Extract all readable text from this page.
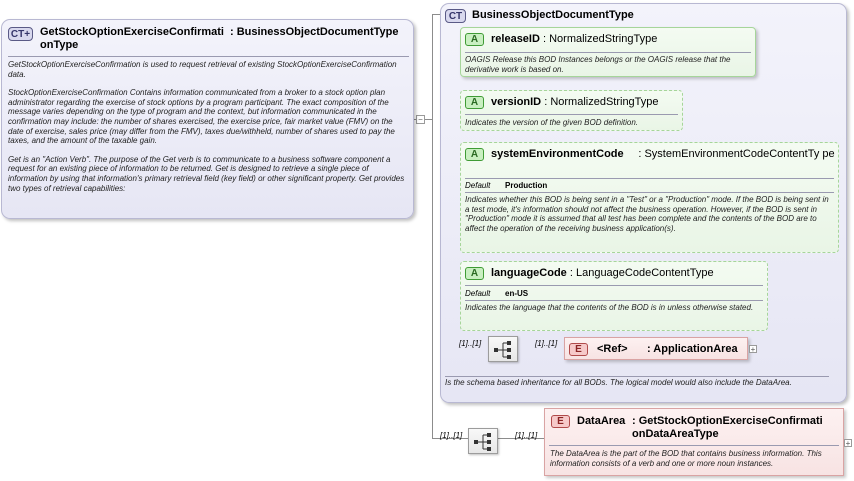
−
CT+ GetStockOptionExerciseConfirmati onType: BusinessObjectDocumentType

GetStockOptionExerciseConfirmation is used to request retrieval of existing StockOptionExerciseConfirmation data.

StockOptionExerciseConfirmation Contains information communicated from a broker to a stock option plan administrator regarding the exercise of stock options by a program participant. The exact composition of the message varies depending on the type of program and the context, but information communicated in the confirmation may include: the number of shares exercised, the exercise price, fair market value (FMV) on the date of exercise, sales price (may differ from the FMV), taxes due/withheld, number of shares used to pay the taxes, and the amount of the taxable gain.

Get is an "Action Verb". The purpose of the Get verb is to communicate to a business software component a request for an existing piece of information to be returned. Get is designed to retrieve a single piece of information by using that information's primary retrieval field (key field) or other significant property. Get provides two types of retrieval capabilities:

CT BusinessObjectDocumentType
Is the schema based inheritance for all BODs. The logical model would also include the DataArea.
A	releaseID : NormalizedStringType
OAGIS Release this BOD Instances belongs or the OAGIS release that the derivative work is based on.
A	versionID : NormalizedStringType
Indicates the version of the given BOD definition.
A	systemEnvironmentCode	: SystemEnvironmentCodeContentTy pe
Default Production
Indicates whether this BOD is being sent in a "Test" or a "Production" mode. If the BOD is being sent in a test mode, it's information should not affect the business operation. However, if the BOD is sent in "Production" mode it is assumed that all test has been complete and the contents of the BOD are to affect the operation of the receiving business application(s).
A	languageCode : LanguageCodeContentType
Default en-US
Indicates the language that the contents of the BOD is in unless otherwise stated.
[1]..[1]	[1]..[1]
E	<Ref> : ApplicationArea +
[1]..[1]	[1]..[1]
E	DataArea : GetStockOptionExerciseConfirmati onDataAreaType
The DataArea is the part of the BOD that contains business information. This information consists of a verb and one or more noun instances.
+
